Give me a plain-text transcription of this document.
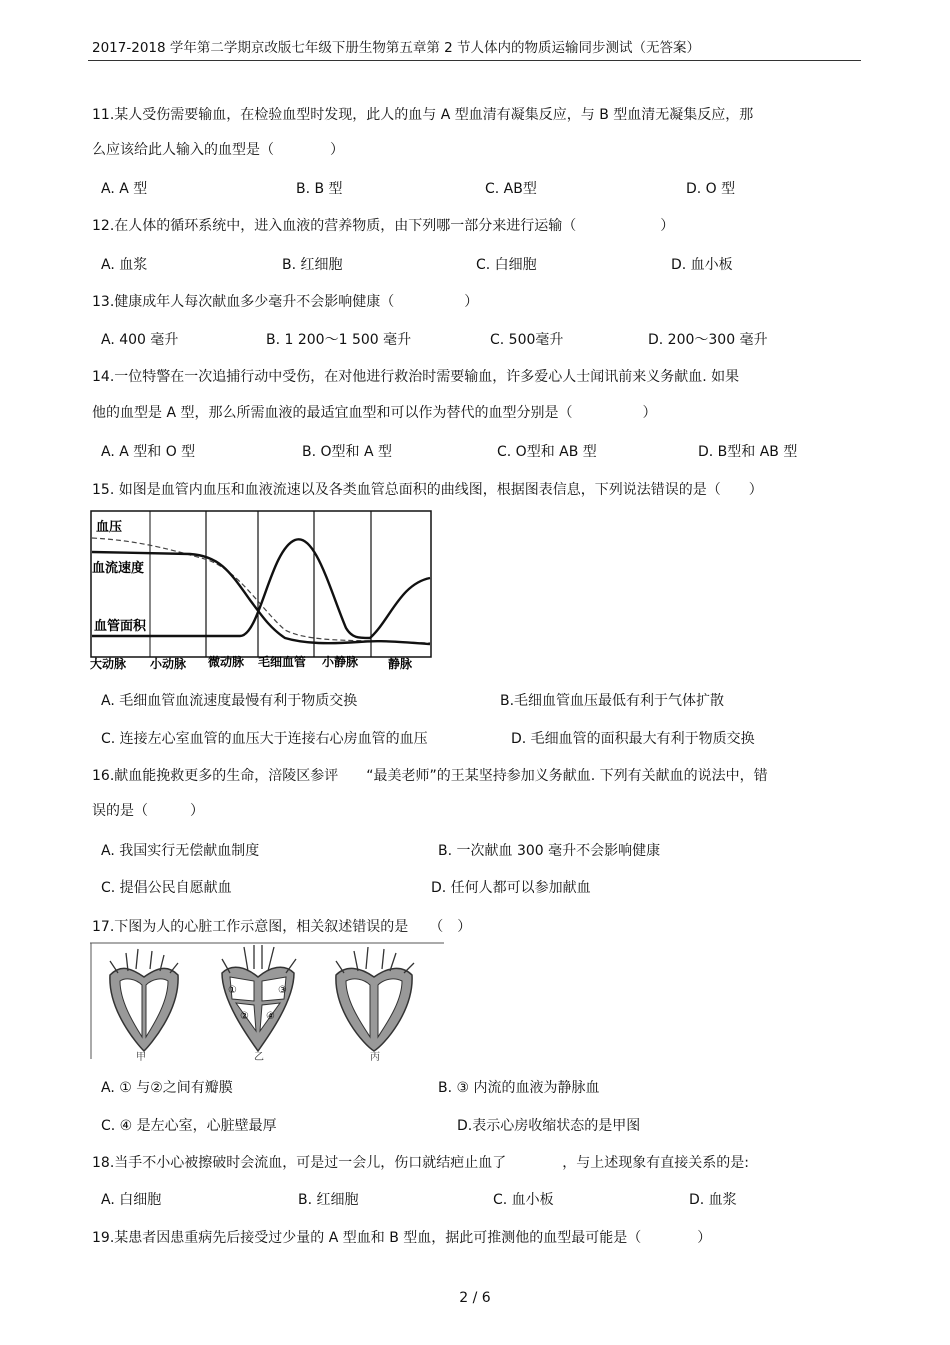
2017-2018 学年第二学期京改版七年级下册生物第五章第 2 节人体内的物质运输同步测试（无答案）
11.某人受伤需要输血，在检验血型时发现，此人的血与 A 型血清有凝集反应，与 B 型血清无凝集反应，那
么应该给此人输入的血型是（　　　　）
A. A 型	B. B 型	C. AB型	D. O 型
12.在人体的循环系统中，进入血液的营养物质，由下列哪一部分来进行运输（　　　　　　）
A. 血浆	B. 红细胞	C. 白细胞	D. 血小板
13.健康成年人每次献血多少毫升不会影响健康（　　　　　）
A. 400 毫升	B. 1 200～1 500 毫升	C. 500毫升	D. 200～300 毫升
14.一位特警在一次追捕行动中受伤，在对他进行救治时需要输血，许多爱心人士闻讯前来义务献血. 如果
他的血型是 A 型，那么所需血液的最适宜血型和可以作为替代的血型分别是（　　　　　）
A. A 型和 O 型	B. O型和 A 型	C. O型和 AB 型	D. B型和 AB 型
15. 如图是血管内血压和血液流速以及各类血管总面积的曲线图，根据图表信息，下列说法错误的是（　　）
血压
血流速度
血管面积
大动脉 小动脉 微动脉 毛细血管 小静脉 静脉
A. 毛细血管血流速度最慢有利于物质交换	B.毛细血管血压最低有利于气体扩散
C. 连接左心室血管的血压大于连接右心房血管的血压	D. 毛细血管的面积最大有利于物质交换
16.献血能挽救更多的生命，涪陵区参评　　“最美老师”的王某坚持参加义务献血. 下列有关献血的说法中，错
误的是（　　　）
A. 我国实行无偿献血制度	B. 一次献血 300 毫升不会影响健康
C. 提倡公民自愿献血	D. 任何人都可以参加献血
17.下图为人的心脏工作示意图，相关叙述错误的是　　（　）
①
②
③
④
甲	乙	丙
A. ① 与②之间有瓣膜	B. ③ 内流的血液为静脉血
C. ④ 是左心室，心脏壁最厚	D.表示心房收缩状态的是甲图
18.当手不小心被擦破时会流血，可是过一会儿，伤口就结疤止血了　　　　，与上述现象有直接关系的是:
A. 白细胞	B. 红细胞	C. 血小板	D. 血浆
19.某患者因患重病先后接受过少量的 A 型血和 B 型血，据此可推测他的血型最可能是（　　　　）
2 / 6
